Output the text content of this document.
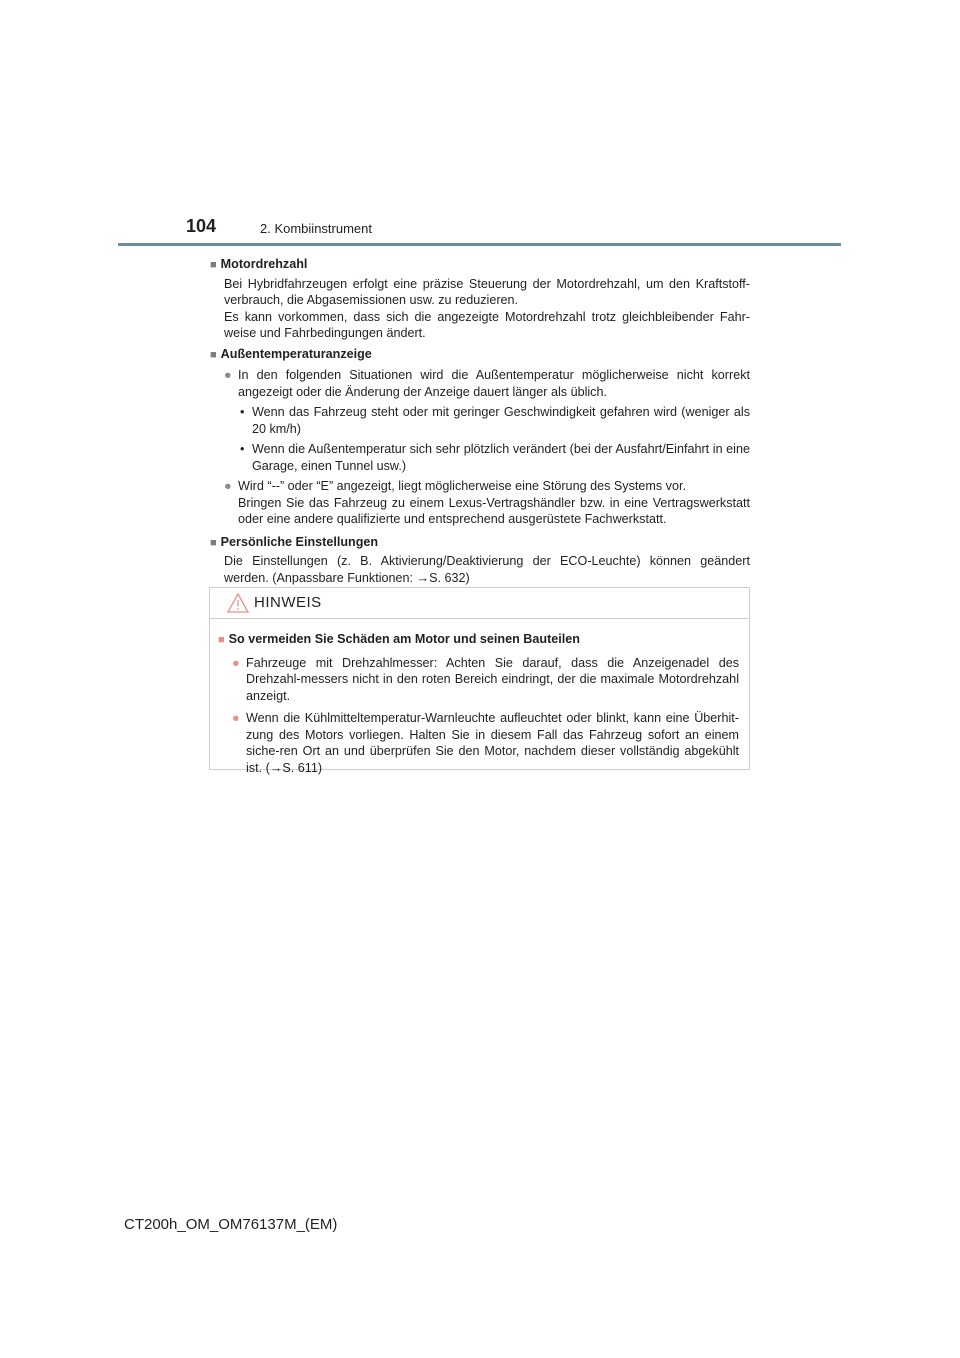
104	2. Kombiinstrument

■ Motordrehzahl

Bei Hybridfahrzeugen erfolgt eine präzise Steuerung der Motordrehzahl, um den Kraftstoff-verbrauch, die Abgasemissionen usw. zu reduzieren.

Es kann vorkommen, dass sich die angezeigte Motordrehzahl trotz gleichbleibender Fahr-weise und Fahrbedingungen ändert.

■ Außentemperaturanzeige

● In den folgenden Situationen wird die Außentemperatur möglicherweise nicht korrekt angezeigt oder die Änderung der Anzeige dauert länger als üblich.
• Wenn das Fahrzeug steht oder mit geringer Geschwindigkeit gefahren wird (weniger als 20 km/h)
• Wenn die Außentemperatur sich sehr plötzlich verändert (bei der Ausfahrt/Einfahrt in eine Garage, einen Tunnel usw.)
● Wird “--” oder “E” angezeigt, liegt möglicherweise eine Störung des Systems vor.
Bringen Sie das Fahrzeug zu einem Lexus-Vertragshändler bzw. in eine Vertragswerkstatt oder eine andere qualifizierte und entsprechend ausgerüstete Fachwerkstatt.

■ Persönliche Einstellungen

Die Einstellungen (z. B. Aktivierung/Deaktivierung der ECO-Leuchte) können geändert werden. (Anpassbare Funktionen: →S. 632)

HINWEIS

■ So vermeiden Sie Schäden am Motor und seinen Bauteilen

● Fahrzeuge mit Drehzahlmesser: Achten Sie darauf, dass die Anzeigenadel des Drehzahl-messers nicht in den roten Bereich eindringt, der die maximale Motordrehzahl anzeigt.
● Wenn die Kühlmitteltemperatur-Warnleuchte aufleuchtet oder blinkt, kann eine Überhit-zung des Motors vorliegen. Halten Sie in diesem Fall das Fahrzeug sofort an einem siche-ren Ort an und überprüfen Sie den Motor, nachdem dieser vollständig abgekühlt ist. (→S. 611)
CT200h_OM_OM76137M_(EM)
